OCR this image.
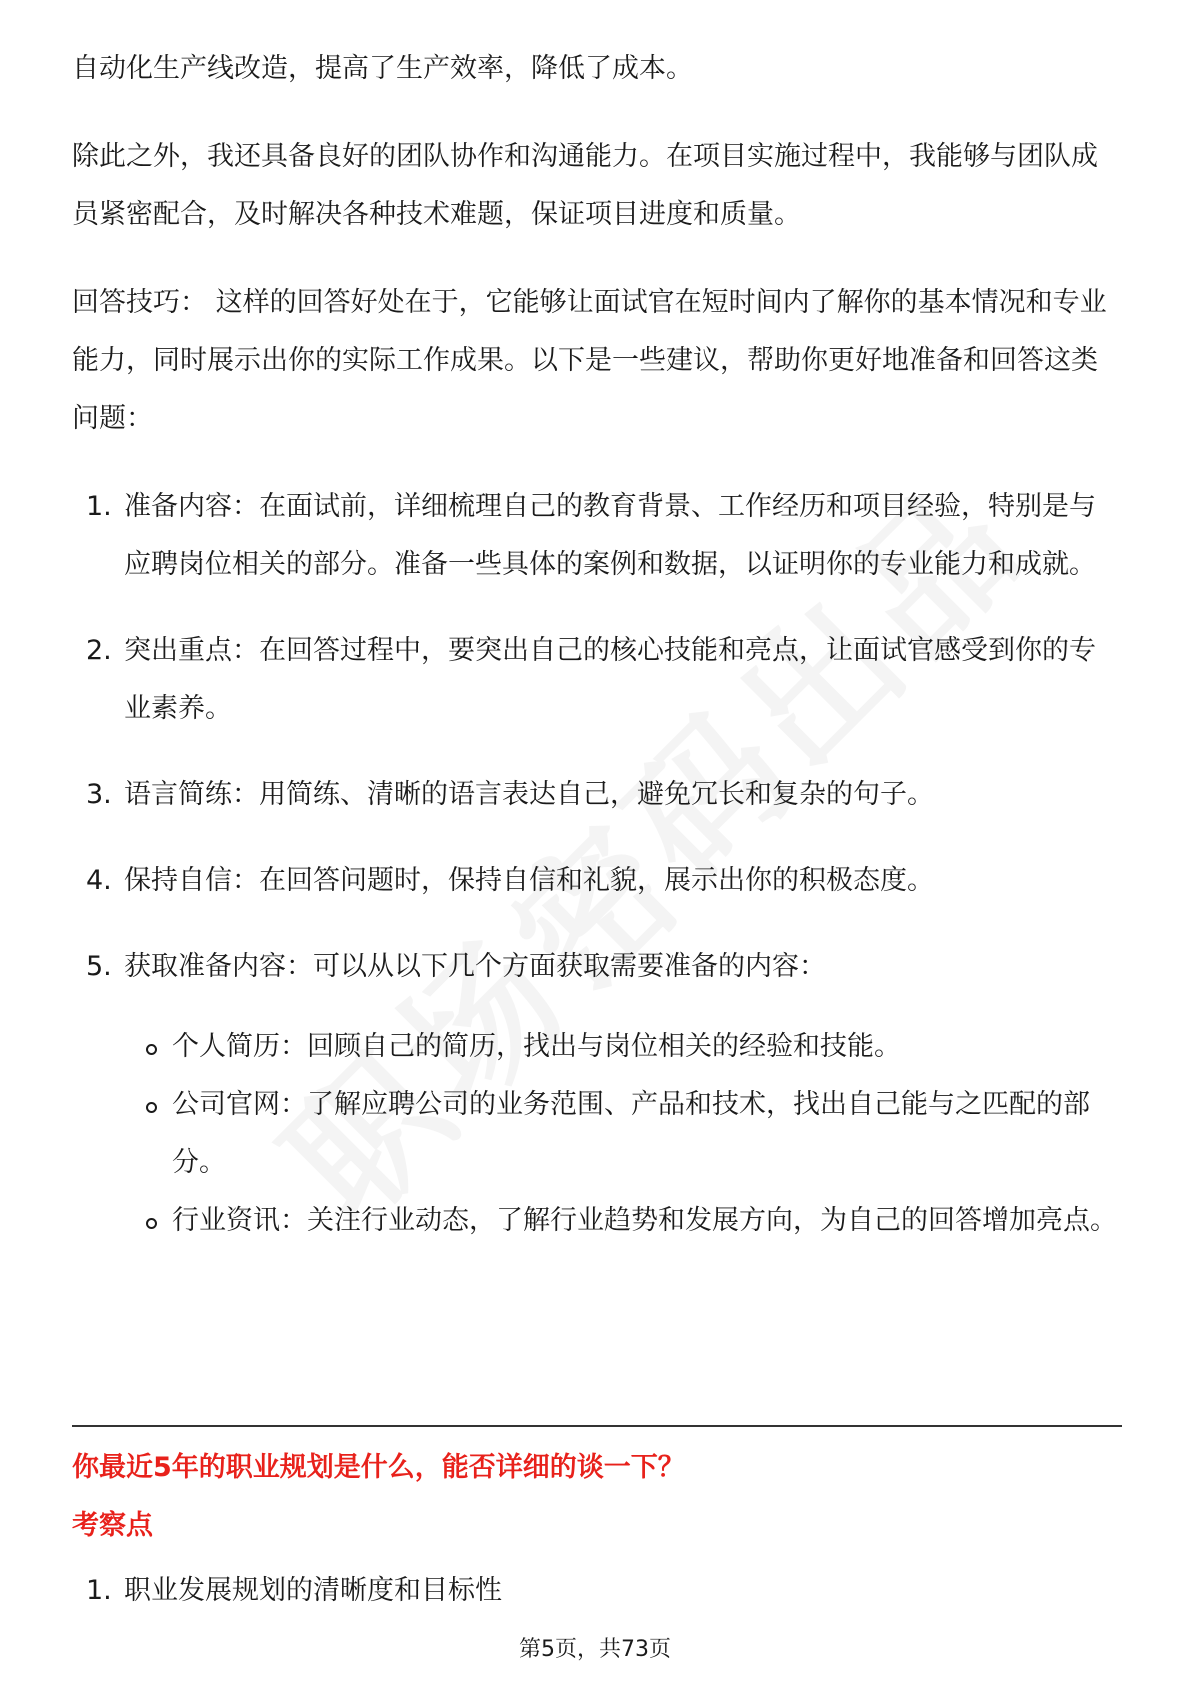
自动化生产线改造，提高了生产效率，降低了成本。

除此之外，我还具备良好的团队协作和沟通能力。在项目实施过程中，我能够与团队成员紧密配合，及时解决各种技术难题，保证项目进度和质量。

回答技巧： 这样的回答好处在于，它能够让面试官在短时间内了解你的基本情况和专业能力，同时展示出你的实际工作成果。以下是一些建议，帮助你更好地准备和回答这类问题：

1. 准备内容：在面试前，详细梳理自己的教育背景、工作经历和项目经验，特别是与应聘岗位相关的部分。准备一些具体的案例和数据，以证明你的专业能力和成就。
2. 突出重点：在回答过程中，要突出自己的核心技能和亮点，让面试官感受到你的专业素养。
3. 语言简练：用简练、清晰的语言表达自己，避免冗长和复杂的句子。
4. 保持自信：在回答问题时，保持自信和礼貌，展示出你的积极态度。
5. 获取准备内容：可以从以下几个方面获取需要准备的内容：
个人简历：回顾自己的简历，找出与岗位相关的经验和技能。
公司官网：了解应聘公司的业务范围、产品和技术，找出自己能与之匹配的部分。
行业资讯：关注行业动态，了解行业趋势和发展方向，为自己的回答增加亮点。
你最近5年的职业规划是什么，能否详细的谈一下？
考察点
1. 职业发展规划的清晰度和目标性
第5页，共73页
